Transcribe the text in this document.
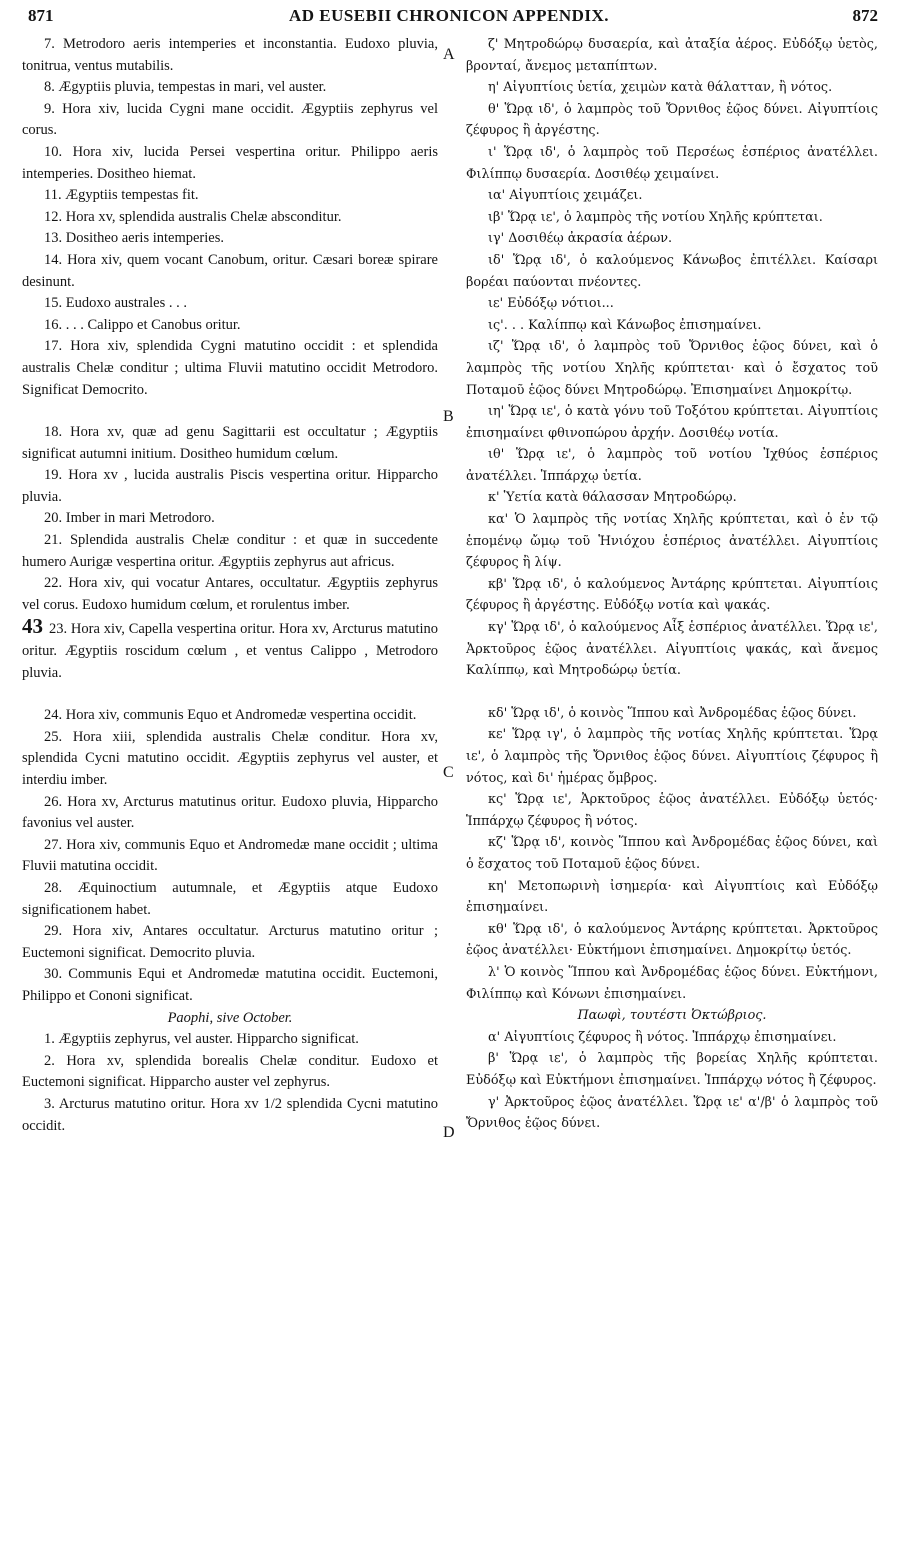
871	AD EUSEBII CHRONICON APPENDIX.	872

7. Metrodoro aeris intemperies et inconstantia. Eudoxo pluvia, tonitrua, ventus mutabilis.

8. Ægyptiis pluvia, tempestas in mari, vel auster.

9. Hora xiv, lucida Cygni mane occidit. Ægyptiis zephyrus vel corus.

10. Hora xiv, lucida Persei vespertina oritur. Philippo aeris intemperies. Dositheo hiemat.

11. Ægyptiis tempestas fit.

12. Hora xv, splendida australis Chelæ absconditur.

13. Dositheo aeris intemperies.

14. Hora xiv, quem vocant Canobum, oritur. Cæsari boreæ spirare desinunt.

15. Eudoxo australes . . .

16. . . . Calippo et Canobus oritur.

17. Hora xiv, splendida Cygni matutino occidit : et splendida australis Chelæ conditur ; ultima Fluvii matutino occidit Metrodoro. Significat Democrito.

18. Hora xv, quæ ad genu Sagittarii est occultatur ; Ægyptiis significat autumni initium. Dositheo humidum cœlum.

19. Hora xv , lucida australis Piscis vespertina oritur. Hipparcho pluvia.

20. Imber in mari Metrodoro.

21. Splendida australis Chelæ conditur : et quæ in succedente humero Aurigæ vespertina oritur. Ægyptiis zephyrus aut africus.

22. Hora xiv, qui vocatur Antares, occultatur. Ægyptiis zephyrus vel corus. Eudoxo humidum cœlum, et rorulentus imber.

43 23. Hora xiv, Capella vespertina oritur. Hora xv, Arcturus matutino oritur. Ægyptiis roscidum cœlum , et ventus Calippo , Metrodoro pluvia.

24. Hora xiv, communis Equo et Andromedæ vespertina occidit.

25. Hora xiii, splendida australis Chelæ conditur. Hora xv, splendida Cycni matutino occidit. Ægyptiis zephyrus vel auster, et interdiu imber.

26. Hora xv, Arcturus matutinus oritur. Eudoxo pluvia, Hipparcho favonius vel auster.

27. Hora xiv, communis Equo et Andromedæ mane occidit ; ultima Fluvii matutina occidit.

28. Æquinoctium autumnale, et Ægyptiis atque Eudoxo significationem habet.

29. Hora xiv, Antares occultatur. Arcturus matutino oritur ; Euctemoni significat. Democrito pluvia.

30. Communis Equi et Andromedæ matutina occidit. Euctemoni, Philippo et Cononi significat.

Paophi, sive October.

1. Ægyptiis zephyrus, vel auster. Hipparcho significat.

2. Hora xv, splendida borealis Chelæ conditur. Eudoxo et Euctemoni significat. Hipparcho auster vel zephyrus.

3. Arcturus matutino oritur. Hora xv 1/2 splendida Cycni matutino occidit.

A
B
C
D

ζ' Μητροδώρῳ δυσαερία, καὶ ἀταξία ἀέρος. Εὐδόξῳ ὑετὸς, βρονταί, ἄνεμος μεταπίπτων.

η' Αἰγυπτίοις ὑετία, χειμὼν κατὰ θάλατταν, ἢ νότος.

θ' Ὥρᾳ ιδ', ὁ λαμπρὸς τοῦ Ὄρνιθος ἑῷος δύνει. Αἰγυπτίοις ζέφυρος ἢ ἀργέστης.

ι' Ὥρᾳ ιδ', ὁ λαμπρὸς τοῦ Περσέως ἑσπέριος ἀνατέλλει. Φιλίππῳ δυσαερία. Δοσιθέῳ χειμαίνει.

ια' Αἰγυπτίοις χειμάζει.

ιβ' Ὥρᾳ ιε', ὁ λαμπρὸς τῆς νοτίου Χηλῆς κρύπτεται.

ιγ' Δοσιθέῳ ἀκρασία ἀέρων.

ιδ' Ὥρᾳ ιδ', ὁ καλούμενος Κάνωβος ἐπιτέλλει. Καίσαρι βορέαι παύονται πνέοντες.

ιε' Εὐδόξῳ νότιοι...

ις'. . . Καλίππῳ καὶ Κάνωβος ἐπισημαίνει.

ιζ' Ὥρᾳ ιδ', ὁ λαμπρὸς τοῦ Ὄρνιθος ἑῷος δύνει, καὶ ὁ λαμπρὸς τῆς νοτίου Χηλῆς κρύπτεται· καὶ ὁ ἔσχατος τοῦ Ποταμοῦ ἑῷος δύνει Μητροδώρῳ. Ἐπισημαίνει Δημοκρίτῳ.

ιη' Ὥρᾳ ιε', ὁ κατὰ γόνυ τοῦ Τοξότου κρύπτεται. Αἰγυπτίοις ἐπισημαίνει φθινοπώρου ἀρχήν. Δοσιθέῳ νοτία.

ιθ' Ὥρᾳ ιε', ὁ λαμπρὸς τοῦ νοτίου Ἰχθύος ἑσπέριος ἀνατέλλει. Ἱππάρχῳ ὑετία.

κ' Ὑετία κατὰ θάλασσαν Μητροδώρῳ.

κα' Ὁ λαμπρὸς τῆς νοτίας Χηλῆς κρύπτεται, καὶ ὁ ἐν τῷ ἑπομένῳ ὤμῳ τοῦ Ἡνιόχου ἑσπέριος ἀνατέλλει. Αἰγυπτίοις ζέφυρος ἢ λίψ.

κβ' Ὥρᾳ ιδ', ὁ καλούμενος Ἀντάρης κρύπτεται. Αἰγυπτίοις ζέφυρος ἢ ἀργέστης. Εὐδόξῳ νοτία καὶ ψακάς.

κγ' Ὥρᾳ ιδ', ὁ καλούμενος Αἶξ ἑσπέριος ἀνατέλλει. Ὥρᾳ ιε', Ἀρκτοῦρος ἑῷος ἀνατέλλει. Αἰγυπτίοις ψακάς, καὶ ἄνεμος Καλίππῳ, καὶ Μητροδώρῳ ὑετία.

κδ' Ὥρᾳ ιδ', ὁ κοινὸς Ἵππου καὶ Ἀνδρομέδας ἑῷος δύνει.

κε' Ὥρᾳ ιγ', ὁ λαμπρὸς τῆς νοτίας Χηλῆς κρύπτεται. Ὥρᾳ ιε', ὁ λαμπρὸς τῆς Ὄρνιθος ἑῷος δύνει. Αἰγυπτίοις ζέφυρος ἢ νότος, καὶ δι' ἡμέρας ὄμβρος.

κς' Ὥρᾳ ιε', Ἀρκτοῦρος ἑῷος ἀνατέλλει. Εὐδόξῳ ὑετός· Ἱππάρχῳ ζέφυρος ἢ νότος.

κζ' Ὥρᾳ ιδ', κοινὸς Ἵππου καὶ Ἀνδρομέδας ἑῷος δύνει, καὶ ὁ ἔσχατος τοῦ Ποταμοῦ ἑῷος δύνει.

κη' Μετοπωρινὴ ἰσημερία· καὶ Αἰγυπτίοις καὶ Εὐδόξῳ ἐπισημαίνει.

κθ' Ὥρᾳ ιδ', ὁ καλούμενος Ἀντάρης κρύπτεται. Ἀρκτοῦρος ἑῷος ἀνατέλλει· Εὐκτήμονι ἐπισημαίνει. Δημοκρίτῳ ὑετός.

λ' Ὁ κοινὸς Ἵππου καὶ Ἀνδρομέδας ἑῷος δύνει. Εὐκτήμονι, Φιλίππῳ καὶ Κόνωνι ἐπισημαίνει.

Παωφὶ, τουτέστι Ὀκτώβριος.

α' Αἰγυπτίοις ζέφυρος ἢ νότος. Ἱππάρχῳ ἐπισημαίνει.

β' Ὥρᾳ ιε', ὁ λαμπρὸς τῆς βορείας Χηλῆς κρύπτεται. Εὐδόξῳ καὶ Εὐκτήμονι ἐπισημαίνει. Ἱππάρχῳ νότος ἢ ζέφυρος.

γ' Ἀρκτοῦρος ἑῷος ἀνατέλλει. Ὥρᾳ ιε' α'/β' ὁ λαμπρὸς τοῦ Ὄρνιθος ἑῷος δύνει.
